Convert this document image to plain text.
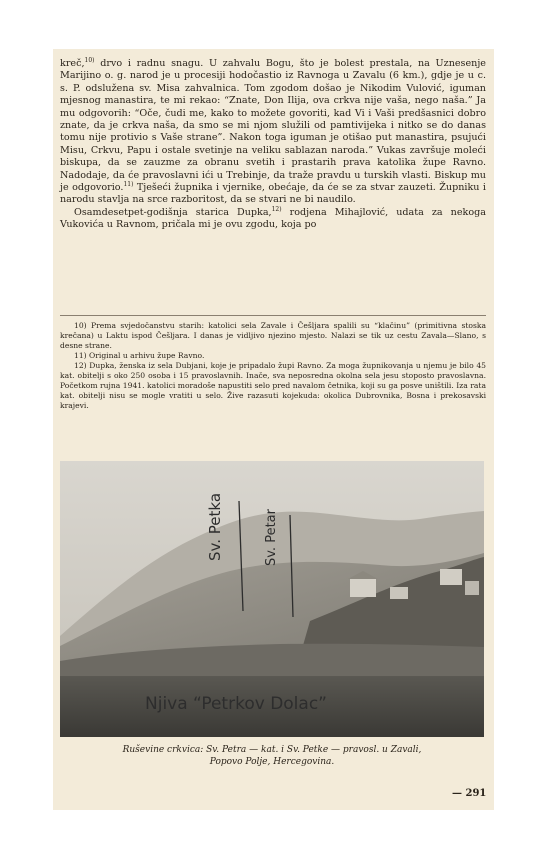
kreč,$^{10)}$ drvo i radnu snagu. U zahvalu Bogu, što je bolest prestala, na Uznesenje Marijino o. g. narod je u procesiji hodočastio iz Ravnoga u Zavalu (6 km.), gdje je u c. s. P. odslužena sv. Misa zahvalnica. Tom zgodom došao je Nikodim Vulović, iguman mjesnog manastira, te mi rekao: “Znate, Don Ilija, ova crkva nije vaša, nego naša.” Ja mu odgovorih: “Oče, čudi me, kako to možete govoriti, kad Vi i Vaši predšasnici dobro znate, da je crkva naša, da smo se mi njom služili od pamtivijeka i nitko se do danas tomu nije protivio s Vaše strane”. Nakon toga iguman je otišao put manastira, psujući Misu, Crkvu, Papu i ostale svetinje na veliku sablazan naroda.” Vukas završuje moleći biskupa, da se zauzme za obranu svetih i prastarih prava katolika župe Ravno. Nadodaje, da će pravoslavni ići u Trebinje, da traže pravdu u turskih vlasti. Biskup mu je odgovorio.$^{11)}$ Tješeći župnika i vjernike, obećaje, da će se za stvar zauzeti. Župniku i narodu stavlja na srce razboritost, da se stvari ne bi naudilo.

Osamdesetpet-godišnja starica Dupka,$^{12)}$ rodjena Mihajlović, udata za nekoga Vukovića u Ravnom, pričala mi je ovu zgodu, koja po

10) Prema svjedočanstvu starih: katolici sela Zavale i Češljara spalili su “klačinu” (primitivna stoska krečana) u Laktu ispod Češljara. I danas je vidljivo njezino mjesto. Nalazi se tik uz cestu Zavala—Slano, s desne strane.

11) Original u arhivu župe Ravno.

12) Dupka, ženska iz sela Dubjani, koje je pripadalo župi Ravno. Za moga župnikovanja u njemu je bilo 45 kat. obitelji s oko 250 osoba i 15 pravoslavnih. Inače, sva neposredna okolna sela jesu stoposto pravoslavna. Početkom rujna 1941. katolici moradoše napustiti selo pred navalom četnika, koji su ga posve uništili. Iza rata kat. obitelji nisu se mogle vratiti u selo. Žive razasuti kojekuda: okolica Dubrovnika, Bosna i prekosavski krajevi.

Sv. Petka	Sv. Petar
Njiva “Petrkov Dolac”
Ruševine crkvica: Sv. Petra — kat. i Sv. Petke — pravosl. u Zavali,
Popovo Polje, Hercegovina.
— 291
